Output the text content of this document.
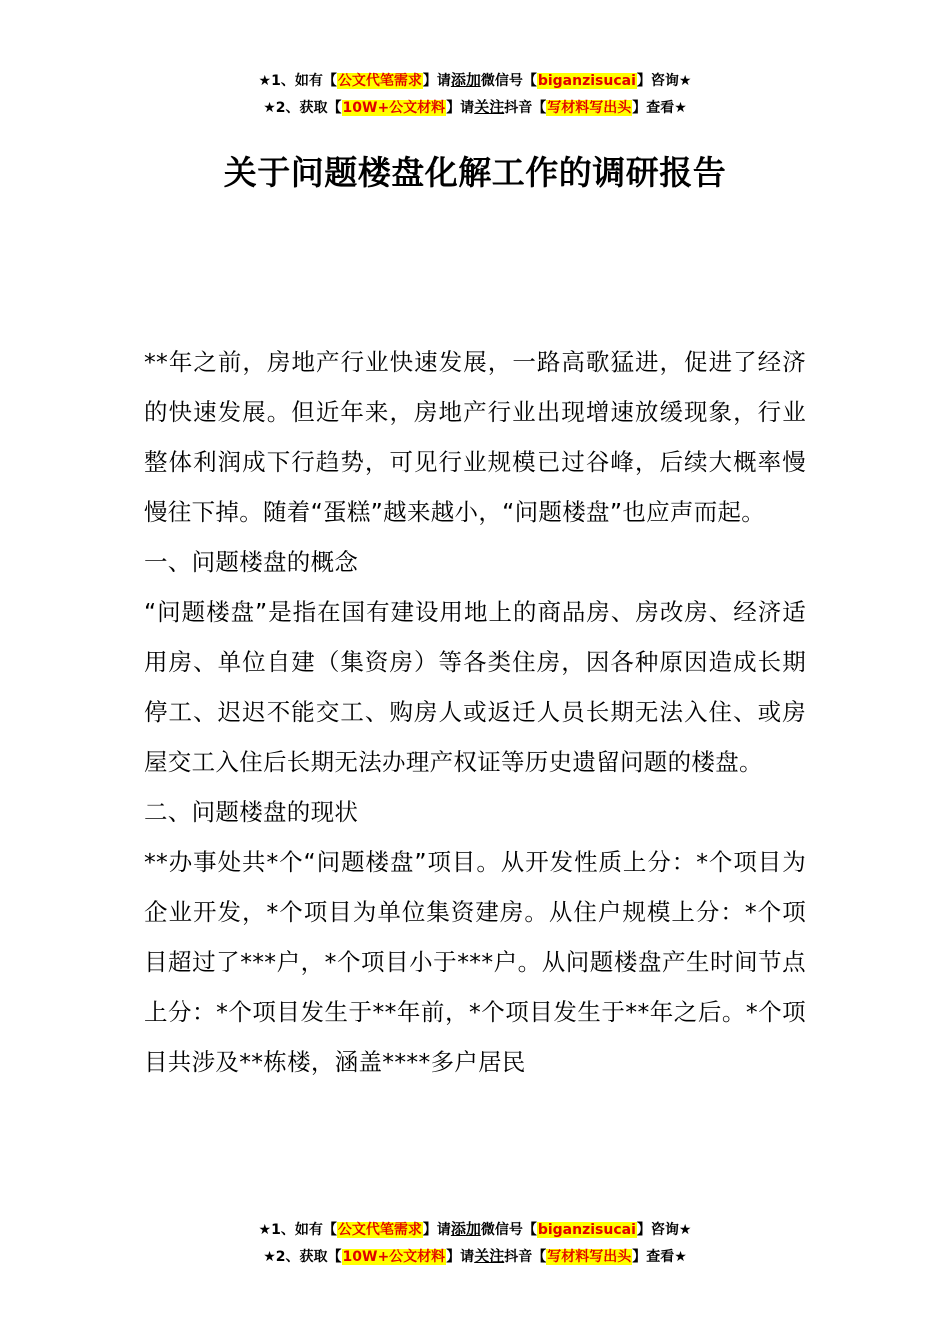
★1、如有【公文代笔需求】请添加微信号【biganzisucai】咨询★
★2、获取【10W+公文材料】请关注抖音【写材料写出头】查看★
关于问题楼盘化解工作的调研报告

**年之前，房地产行业快速发展，一路高歌猛进，促进了经济的快速发展。但近年来，房地产行业出现增速放缓现象，行业整体利润成下行趋势，可见行业规模已过谷峰，后续大概率慢慢往下掉。随着“蛋糕”越来越小，“问题楼盘”也应声而起。

一、问题楼盘的概念

“问题楼盘”是指在国有建设用地上的商品房、房改房、经济适用房、单位自建（集资房）等各类住房，因各种原因造成长期停工、迟迟不能交工、购房人或返迁人员长期无法入住、或房屋交工入住后长期无法办理产权证等历史遗留问题的楼盘。

二、问题楼盘的现状

**办事处共*个“问题楼盘”项目。从开发性质上分：*个项目为企业开发，*个项目为单位集资建房。从住户规模上分：*个项目超过了***户，*个项目小于***户。从问题楼盘产生时间节点上分：*个项目发生于**年前，*个项目发生于**年之后。*个项目共涉及**栋楼，涵盖****多户居民

★1、如有【公文代笔需求】请添加微信号【biganzisucai】咨询★
★2、获取【10W+公文材料】请关注抖音【写材料写出头】查看★
